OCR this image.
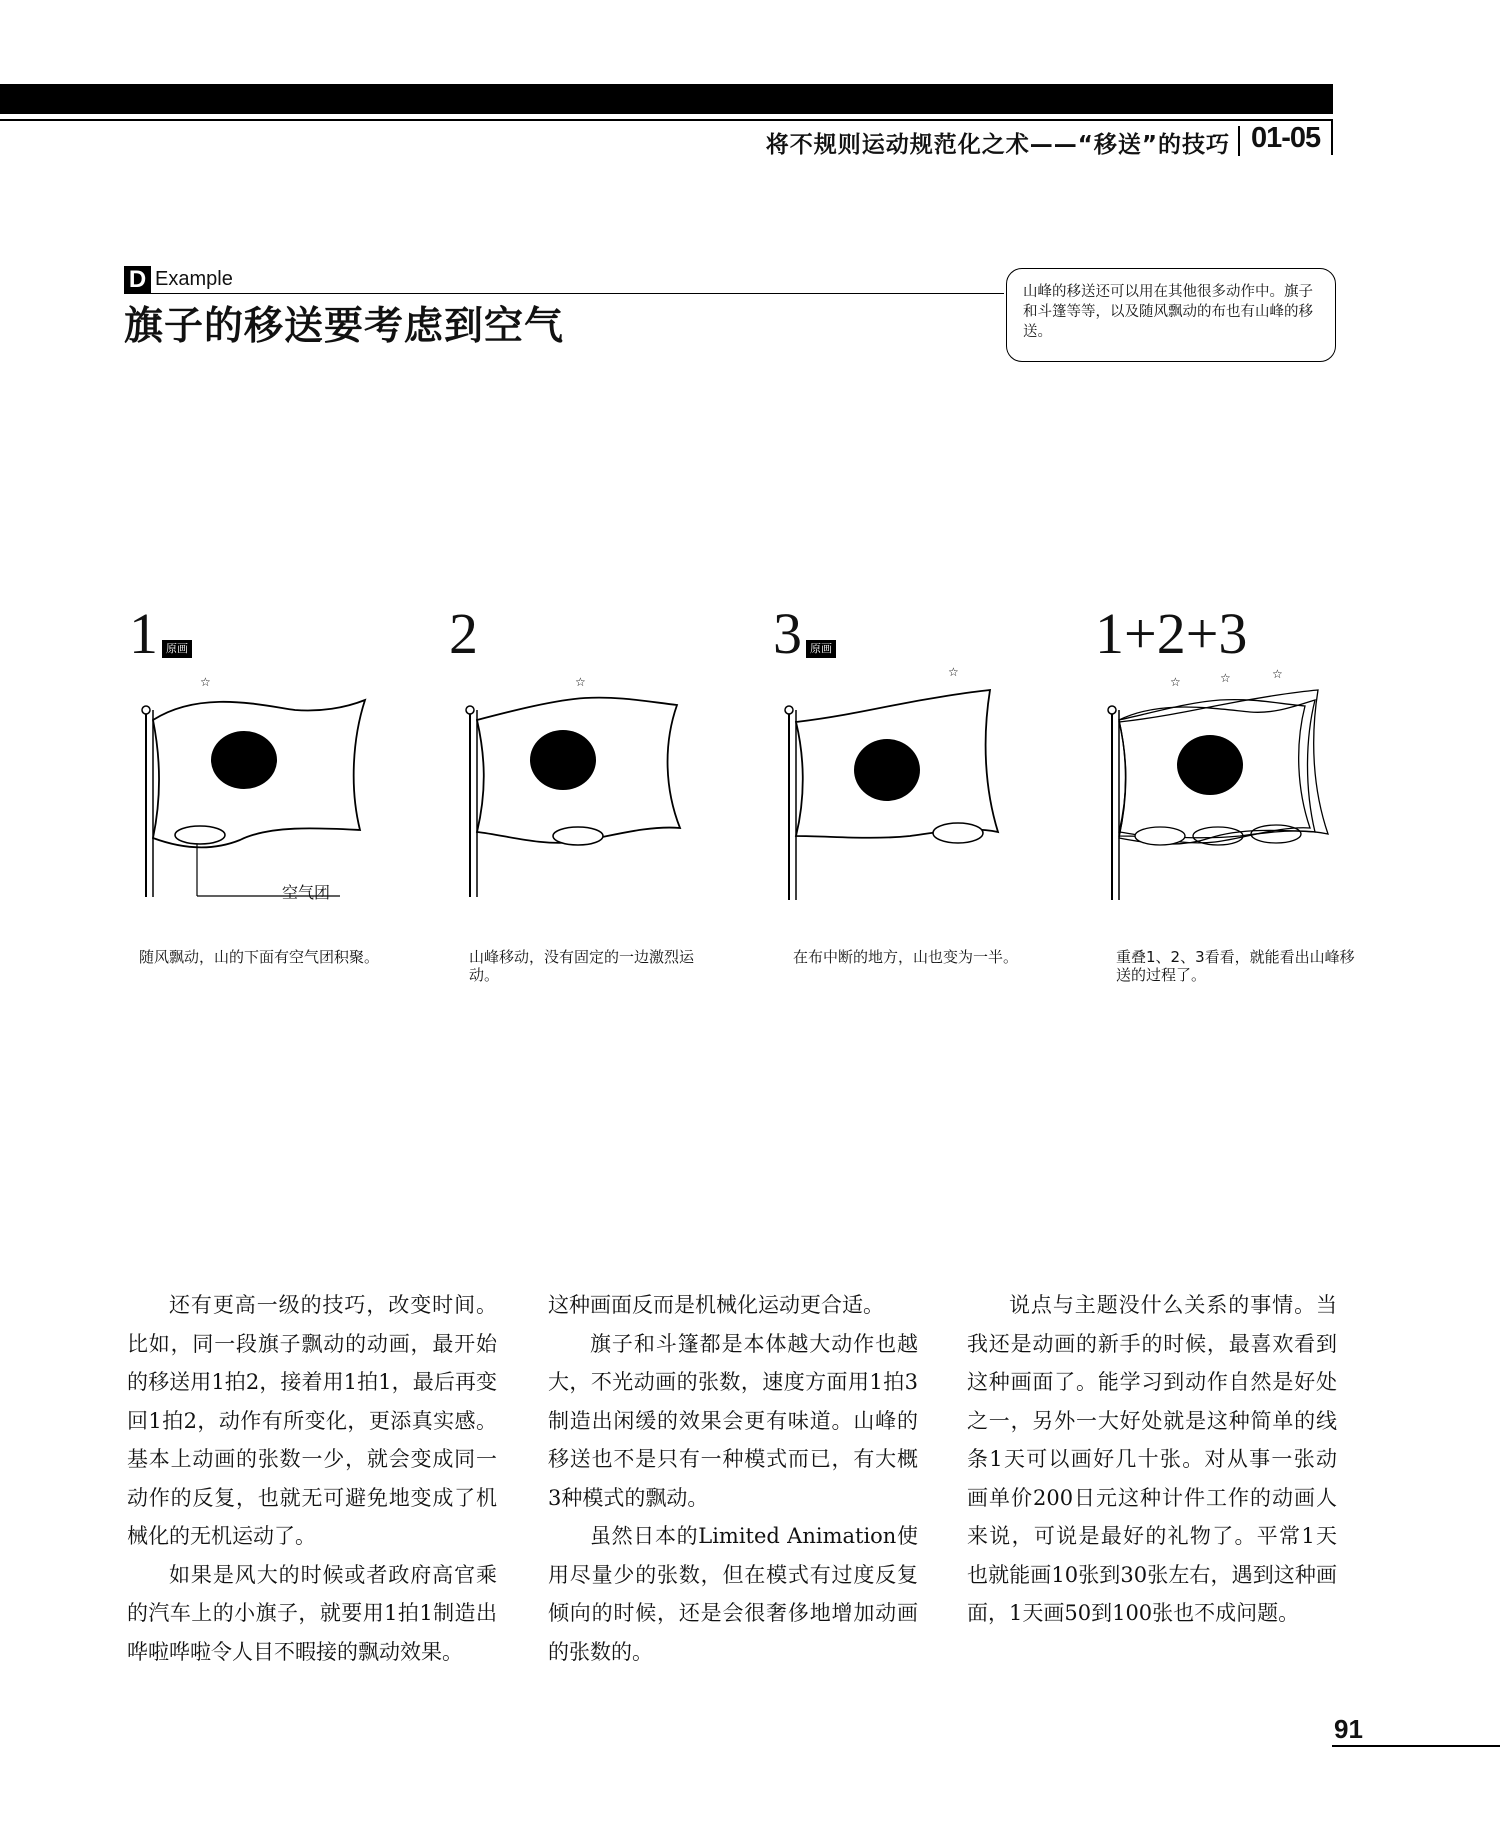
将不规则运动规范化之术——“移送”的技巧 01-05
D Example
旗子的移送要考虑到空气
山峰的移送还可以用在其他很多动作中。旗子和斗篷等等，以及随风飘动的布也有山峰的移送。
1 原画
☆
空气团
随风飘动，山的下面有空气团积聚。
2
☆
山峰移动，没有固定的一边激烈运动。
3 原画
☆
在布中断的地方，山也变为一半。
1+2+3
☆	☆	☆
重叠1、2、3看看，就能看出山峰移送的过程了。

还有更高一级的技巧，改变时间。比如，同一段旗子飘动的动画，最开始的移送用1拍2，接着用1拍1，最后再变回1拍2，动作有所变化，更添真实感。基本上动画的张数一少，就会变成同一动作的反复，也就无可避免地变成了机械化的无机运动了。

如果是风大的时候或者政府高官乘的汽车上的小旗子，就要用1拍1制造出哗啦哗啦令人目不暇接的飘动效果。

这种画面反而是机械化运动更合适。

旗子和斗篷都是本体越大动作也越大，不光动画的张数，速度方面用1拍3制造出闲缓的效果会更有味道。山峰的移送也不是只有一种模式而已，有大概3种模式的飘动。

虽然日本的Limited Animation使用尽量少的张数，但在模式有过度反复倾向的时候，还是会很奢侈地增加动画的张数的。

说点与主题没什么关系的事情。当我还是动画的新手的时候，最喜欢看到这种画面了。能学习到动作自然是好处之一，另外一大好处就是这种简单的线条1天可以画好几十张。对从事一张动画单价200日元这种计件工作的动画人来说，可说是最好的礼物了。平常1天也就能画10张到30张左右，遇到这种画面，1天画50到100张也不成问题。

91
